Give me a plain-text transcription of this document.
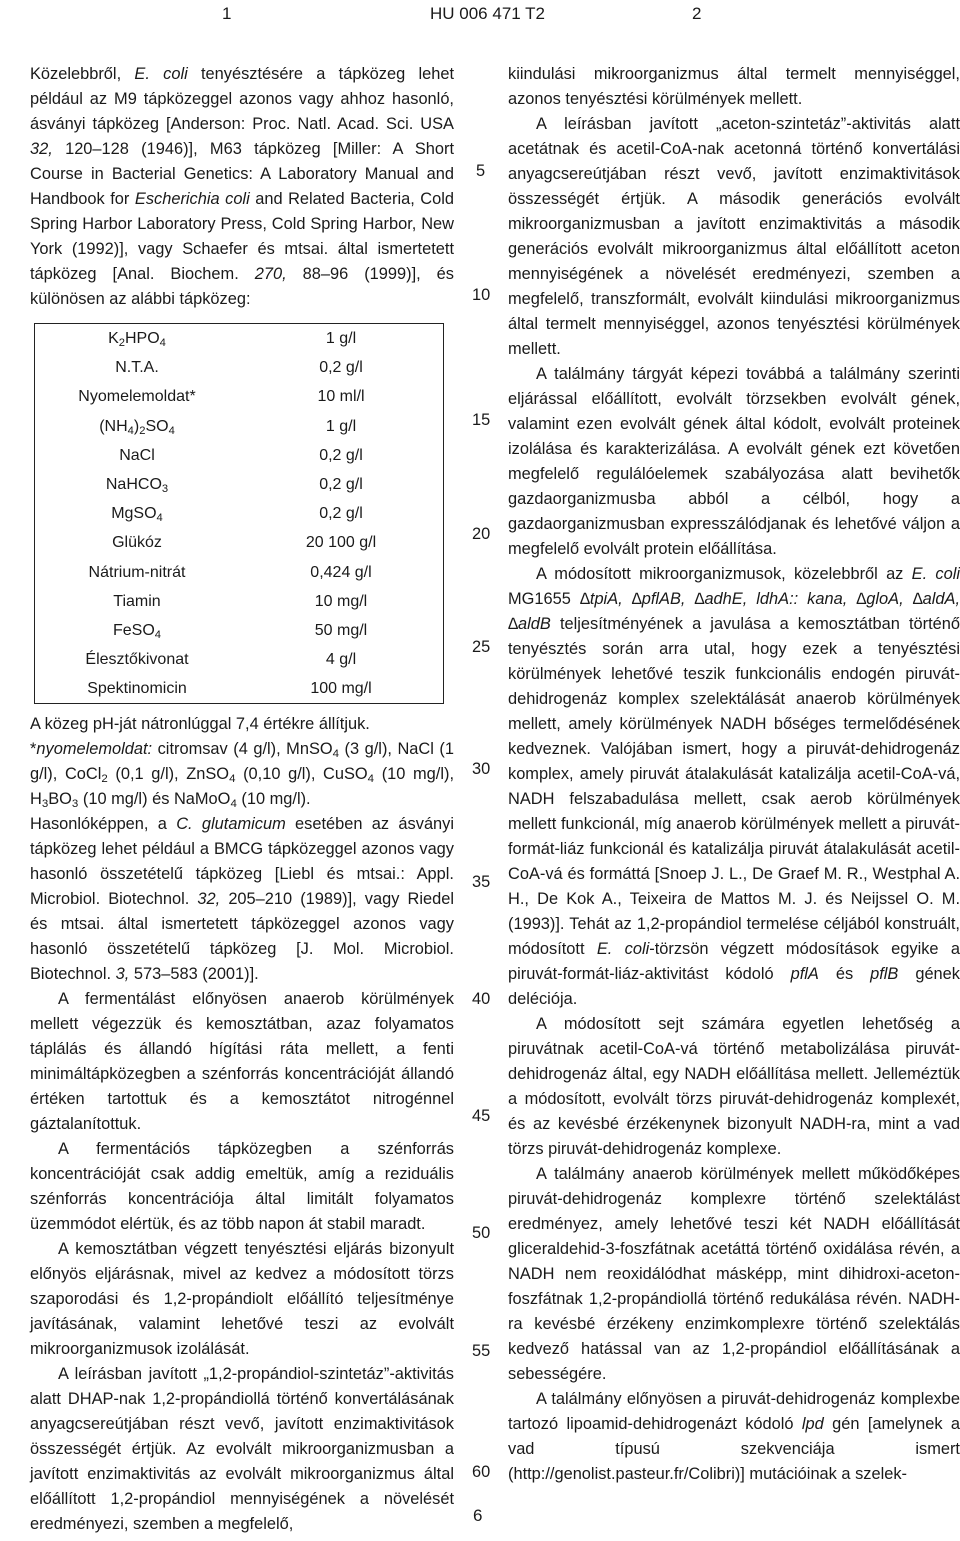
1	HU 006 471 T2	2

Közelebbről, E. coli tenyésztésére a tápközeg lehet például az M9 tápközeggel azonos vagy ahhoz hasonló, ásványi tápközeg [Anderson: Proc. Natl. Acad. Sci. USA 32, 120–128 (1946)], M63 tápközeg [Miller: A Short Course in Bacterial Genetics: A Laboratory Manual and Handbook for Escherichia coli and Related Bacteria, Cold Spring Harbor Laboratory Press, Cold Spring Harbor, New York (1992)], vagy Schaefer és mtsai. által ismertetett tápközeg [Anal. Biochem. 270, 88–96 (1999)], és különösen az alábbi tápközeg:

$K_2HPO_4$	1 g/l
N.T.A.	0,2 g/l
Nyomelemoldat*	10 ml/l
$(NH_4)_2SO_4$	1 g/l
NaCl	0,2 g/l
NaHCO$_3$	0,2 g/l
MgSO$_4$	0,2 g/l
Glükóz	20 100 g/l
Nátrium-nitrát	0,424 g/l
Tiamin	10 mg/l
FeSO$_4$	50 mg/l
Élesztőkivonat	4 g/l
Spektinomicin	100 mg/l

A közeg pH-ját nátronlúggal 7,4 értékre állítjuk.

*nyomelemoldat: citromsav (4 g/l), MnSO$_4$ (3 g/l), NaCl (1 g/l), CoCl$_2$ (0,1 g/l), ZnSO$_4$ (0,10 g/l), CuSO$_4$ (10 mg/l), $H_3BO_3$ (10 mg/l) és NaMoO$_4$ (10 mg/l).

Hasonlóképpen, a C. glutamicum esetében az ásványi tápközeg lehet például a BMCG tápközeggel azonos vagy hasonló összetételű tápközeg [Liebl és mtsai.: Appl. Microbiol. Biotechnol. 32, 205–210 (1989)], vagy Riedel és mtsai. által ismertetett tápközeggel azonos vagy hasonló összetételű tápközeg [J. Mol. Microbiol. Biotechnol. 3, 573–583 (2001)].

A fermentálást előnyösen anaerob körülmények mellett végezzük és kemosztátban, azaz folyamatos táplálás és állandó hígítási ráta mellett, a fenti minimáltápközegben a szénforrás koncentrációját állandó értéken tartottuk és a kemosztátot nitrogénnel gáztalanítottuk.

A fermentációs tápközegben a szénforrás koncentrációját csak addig emeltük, amíg a reziduális szénforrás koncentrációja által limitált folyamatos üzemmódot elértük, és az több napon át stabil maradt.

A kemosztátban végzett tenyésztési eljárás bizonyult előnyös eljárásnak, mivel az kedvez a módosított törzs szaporodási és 1,2-propándiolt előállító teljesítménye javításának, valamint lehetővé teszi az evolvált mikroorganizmusok izolálását.

A leírásban javított „1,2-propándiol-szintetáz”-aktivitás alatt DHAP-nak 1,2-propándiollá történő konvertálásának anyagcsereútjában részt vevő, javított enzimaktivitások összességét értjük. Az evolvált mikroorganizmusban a javított enzimaktivitás az evolvált mikroorganizmus által előállított 1,2-propándiol mennyiségének a növelését eredményezi, szemben a megfelelő,

5
10
15
20
25
30
35
40
45
50
55
60

kiindulási mikroorganizmus által termelt mennyiséggel, azonos tenyésztési körülmények mellett.

A leírásban javított „aceton-szintetáz”-aktivitás alatt acetátnak és acetil-CoA-nak acetonná történő konvertálási anyagcsereútjában részt vevő, javított enzimaktivitások összességét értjük. A második generációs evolvált mikroorganizmusban a javított enzimaktivitás a második generációs evolvált mikroorganizmus által előállított aceton mennyiségének a növelését eredményezi, szemben a megfelelő, transzformált, evolvált kiindulási mikroorganizmus által termelt mennyiséggel, azonos tenyésztési körülmények mellett.

A találmány tárgyát képezi továbbá a találmány szerinti eljárással előállított, evolvált törzsekben evolvált gének, valamint ezen evolvált gének által kódolt, evolvált proteinek izolálása és karakterizálása. A evolvált gének ezt követően megfelelő regulálóelemek szabályozása alatt bevihetők gazdaorganizmusba abból a célból, hogy a gazdaorganizmusban expresszálódjanak és lehetővé váljon a megfelelő evolvált protein előállítása.

A módosított mikroorganizmusok, közelebbről az E. coli MG1655 ∆tpiA, ∆pflAB, ∆adhE, ldhA:: kana, ∆gloA, ∆aldA, ∆aldB teljesítményének a javulása a kemosztátban történő tenyésztés során arra utal, hogy ezek a tenyésztési körülmények lehetővé teszik funkcionális endogén piruvát-dehidrogenáz komplex szelektálását anaerob körülmények mellett, amely körülmények NADH bőséges termelődésének kedveznek. Valójában ismert, hogy a piruvát-dehidrogenáz komplex, amely piruvát átalakulását katalizálja acetil-CoA-vá, NADH felszabadulása mellett, csak aerob körülmények mellett funkcionál, míg anaerob körülmények mellett a piruvát-formát-liáz funkcionál és katalizálja piruvát átalakulását acetil-CoA-vá és formáttá [Snoep J. L., De Graef M. R., Westphal A. H., De Kok A., Teixeira de Mattos M. J. és Neijssel O. M. (1993)]. Tehát az 1,2-propándiol termelése céljából konstruált, módosított E. coli-törzsön végzett módosítások egyike a piruvát-formát-liáz-aktivitást kódoló pflA és pflB gének deléciója.

A módosított sejt számára egyetlen lehetőség a piruvátnak acetil-CoA-vá történő metabolizálása piruvát-dehidrogenáz által, egy NADH előállítása mellett. Jelleméztük a módosított, evolvált törzs piruvát-dehidrogenáz komplexét, és az kevésbé érzékenynek bizonyult NADH-ra, mint a vad törzs piruvát-dehidrogenáz komplexe.

A találmány anaerob körülmények mellett működőképes piruvát-dehidrogenáz komplexre történő szelektálást eredményez, amely lehetővé teszi két NADH előállítását gliceraldehid-3-foszfátnak acetáttá történő oxidálása révén, a NADH nem reoxidálódhat másképp, mint dihidroxi-aceton-foszfátnak 1,2-propándiollá történő redukálása révén. NADH-ra kevésbé érzékeny enzimkomplexre történő szelektálás kedvező hatással van az 1,2-propándiol előállításának a sebességére.

A találmány előnyösen a piruvát-dehidrogenáz komplexbe tartozó lipoamid-dehidrogenázt kódoló lpd gén [amelynek a vad típusú szekvenciája ismert (http://genolist.pasteur.fr/Colibri)] mutációinak a szelek-

6
